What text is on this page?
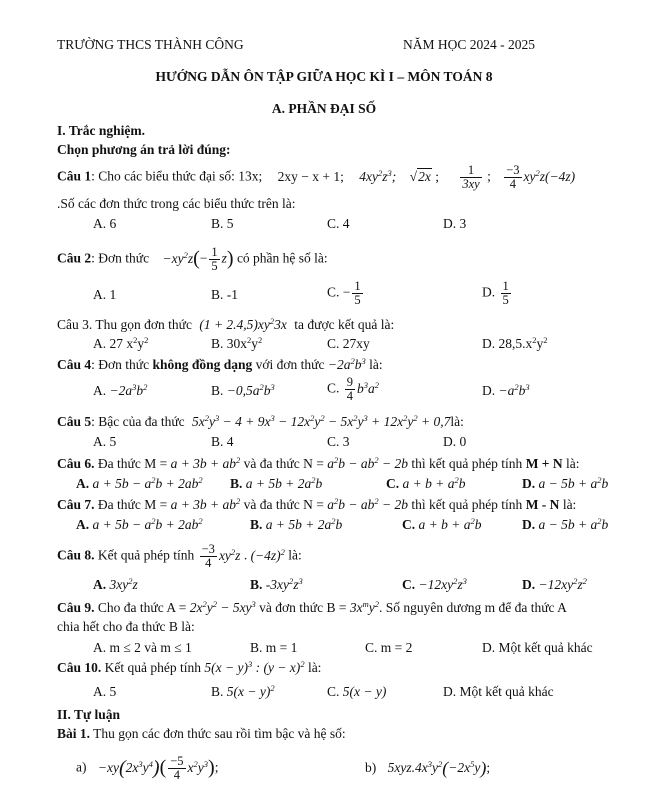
TRƯỜNG THCS THÀNH CÔNG	NĂM HỌC 2024 - 2025
HƯỚNG DẪN ÔN TẬP GIỮA HỌC KÌ I – MÔN TOÁN 8
A. PHẦN ĐẠI SỐ
I. Trắc nghiệm.
Chọn phương án trả lời đúng:
Câu 1: Cho các biểu thức đại số: 13x; 2xy − x + 1; $4xy^2z^3$; √2x ; $\frac{1}{3xy}$ ; $\frac{-3}{4} xy^2z(-4z)$
.Số các đơn thức trong các biểu thức trên là:
A. 6	B. 5	C. 4	D. 3
Câu 2: Đơn thức $-xy^2z(- \frac{1}{5} z)$ có phần hệ số là:
A. 1	B. -1	C. − $\frac{1}{5}$	D. $\frac{1}{5}$
Câu 3. Thu gọn đơn thức $(1 + 2.4,5)xy^23x$ ta được kết quả là:
A. 27 $x^2y^2$	B. $30x^2y^2$	C. 27xy	D. $28,5.x^2y^2$
Câu 4: Đơn thức không đồng dạng với đơn thức $-2a^2b^3$ là:
A. $-2a^3b^2$	B. $-0,5a^2b^3$	C. $\frac{9}{4} b^3a^2$	D. $-a^2b^3$
Câu 5: Bậc của đa thức $5x^2y^3 - 4 + 9x^3 - 12x^2y^2 - 5x^2y^3 + 12x^2y^2$ + 0,7là:
A. 5	B. 4	C. 3	D. 0
Câu 6. Đa thức $M = a + 3b + ab^2$ và đa thức $N = a^2b - ab^2 - 2b$ thì kết quả phép tính M + N là:
A. $a + 5b - a^2b + 2ab^2$ B. $a + 5b + 2a^2b$	C. $a + b + a^2b$	D. $a - 5b + a^2b$
Câu 7. Đa thức $M = a + 3b + ab^2$ và đa thức $N = a^2b - ab^2 - 2b$ thì kết quả phép tính M - N là:
A. $a + 5b - a^2b + 2ab^2$	B. $a + 5b + 2a^2b$	C. $a + b + a^2b$	D. $a - 5b + a^2b$
Câu 8. Kết quả phép tính $\frac{-3}{4} xy^2z$ . $(-4z)^2$ là:
A. $3xy^2z$	B. $-3xy^2z^3$	C. $-12xy^2z^3$	D. $-12xy^2z^2$
Câu 9. Cho đa thức $A = 2x^2y^2 - 5xy^3$ và đơn thức $B = 3x^my^2$. Số nguyên dương m để đa thức A
chia hết cho đa thức B là:
A. m ≤ 2 và m ≤ 1	B. m = 1	C. m = 2	D. Một kết quả khác
Câu 10. Kết quả phép tính $5(x - y)^3$ : $(y - x)^2$ là:
A. 5	B. $5(x - y)^2$	C. 5(x − y)	D. Một kết quả khác
II. Tự luận
Bài 1. Thu gọn các đơn thức sau rồi tìm bậc và hệ số:
$a) -xy(2x^3y^4)( \frac{-5}{4} x^2y^3)$;	b) $5xyz.4x^3y^2(-2x^5y)$;
